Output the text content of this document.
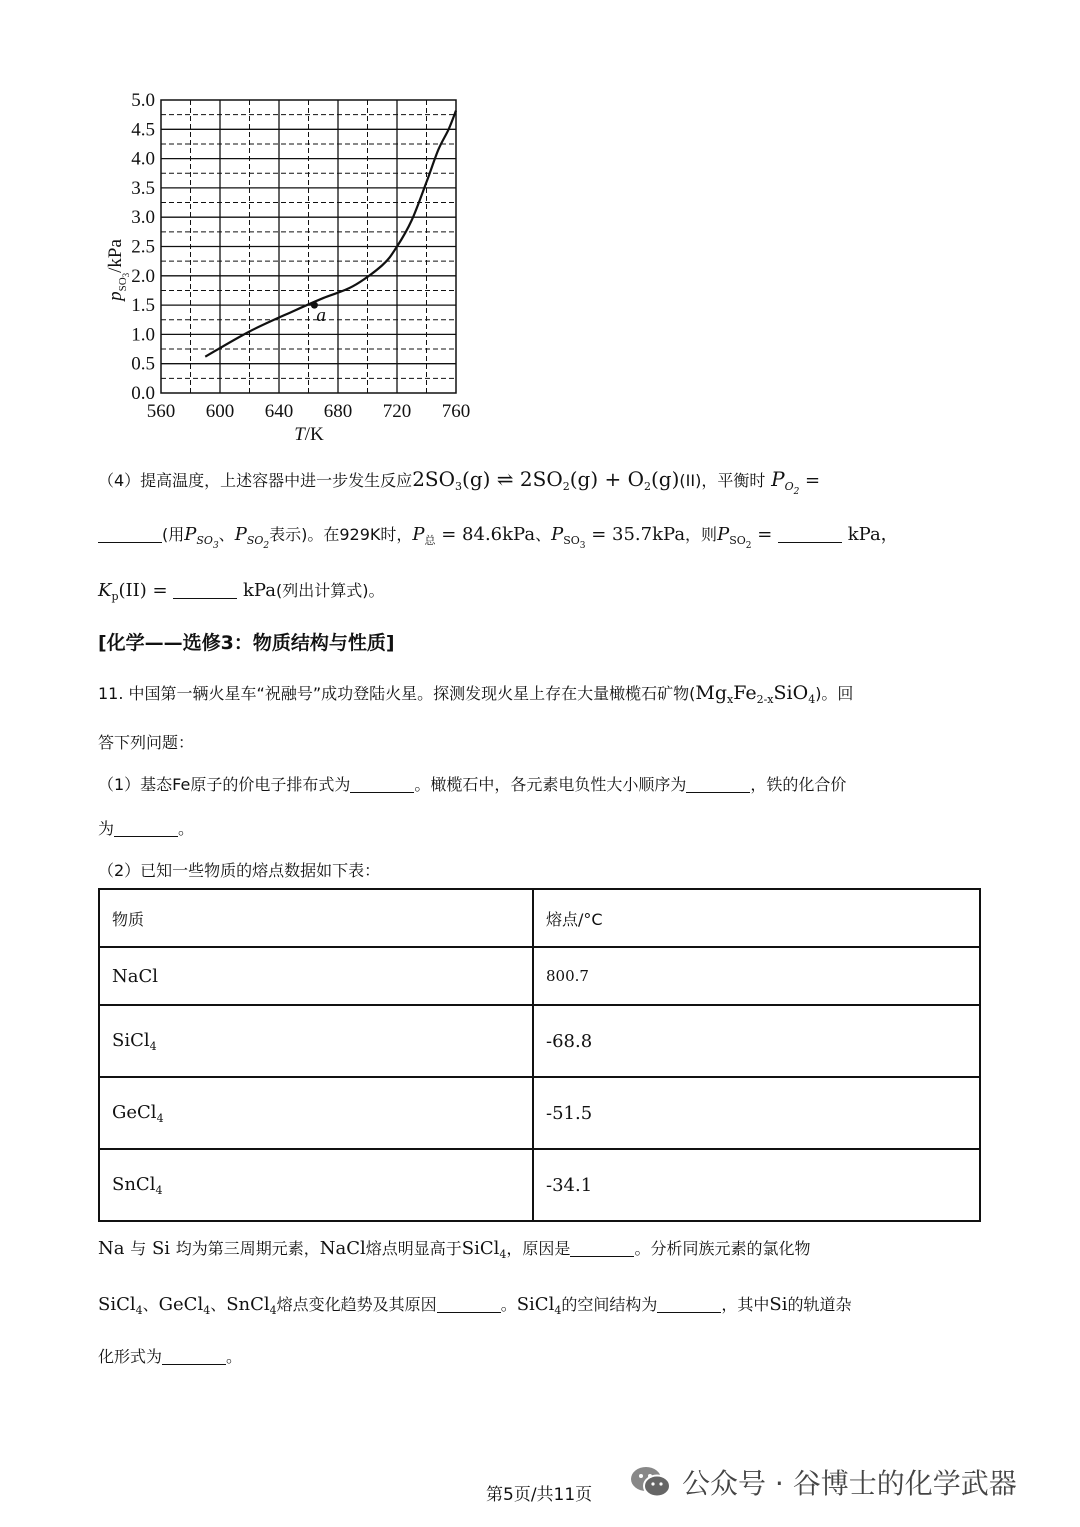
0.0
0.5
1.0
1.5
2.0
2.5
3.0
3.5
4.0
4.5
5.0
560 600 640 680 720 760
a
$p_{SO}3$/kPa
T/K
（4）提高温度，上述容器中进一步发生反应$2SO_3(g)$ ⇌ $2SO_2(g) + O_2(g)(II)$，平衡时 $P_{O_2}$ =
(用$P_{SO_3}$、$P_{SO_2}$表示)。在929K时，$P_总 = 84.6kPa$、$P_{SO_3} = 35.7kPa$，则$P_{SO_2}$ =	kPa，
$K_p(II)$ =	kPa(列出计算式)。
[化学——选修3：物质结构与性质]
11. 中国第一辆火星车“祝融号”成功登陆火星。探测发现火星上存在大量橄榄石矿物$(Mg_xFe_{2-x}SiO_4)$。回
答下列问题：
（1）基态Fe原子的价电子排布式为	。橄榄石中，各元素电负性大小顺序为	，铁的化合价
为	。
（2）已知一些物质的熔点数据如下表：
物质	熔点/°C
NaCl	800.7
SiCl$_4$	-68.8
GeCl$_4$	-51.5
SnCl$_4$	-34.1
Na 与 Si 均为第三周期元素，NaCl熔点明显高于SiCl$_4$，原因是	。分析同族元素的氯化物
SiCl$_4$、GeCl$_4$、SnCl$_4$熔点变化趋势及其原因	。SiCl$_4$的空间结构为	，其中Si的轨道杂
化形式为	。
第5页/共11页	公众号 · 谷博士的化学武器
